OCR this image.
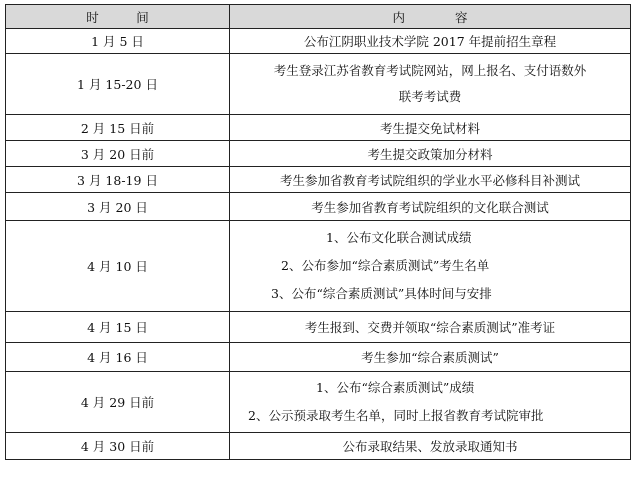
时　　　间	内　　　　容
1 月 5 日	公布江阴职业技术学院 2017 年提前招生章程
1 月 15-20 日	考生登录江苏省教育考试院网站，网上报名、支付语数外
联考考试费

2 月 15 日前	考生提交免试材料
3 月 20 日前	考生提交政策加分材料
3 月 18-19 日	考生参加省教育考试院组织的学业水平必修科目补测试
3 月 20 日	考生参加省教育考试院组织的文化联合测试
4 月 10 日	1、公布文化联合测试成绩
2、公布参加“综合素质测试”考生名单
3、公布“综合素质测试”具体时间与安排

4 月 15 日	考生报到、交费并领取“综合素质测试”准考证
4 月 16 日	考生参加“综合素质测试”
4 月 29 日前	1、公布“综合素质测试”成绩
2、公示预录取考生名单，同时上报省教育考试院审批

4 月 30 日前	公布录取结果、发放录取通知书
